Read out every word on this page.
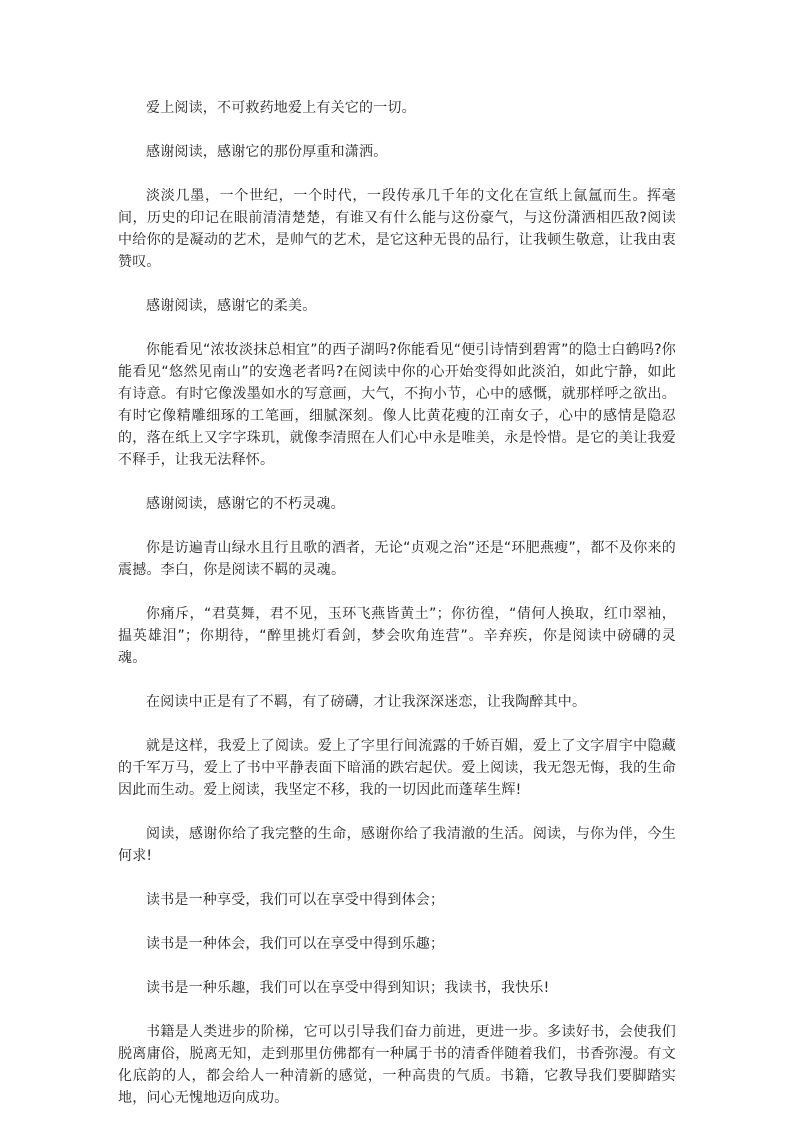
爱上阅读，不可救药地爱上有关它的一切。

感谢阅读，感谢它的那份厚重和潇洒。

淡淡几墨，一个世纪，一个时代，一段传承几千年的文化在宣纸上氤氲而生。挥毫间，历史的印记在眼前清清楚楚，有谁又有什么能与这份豪气，与这份潇洒相匹敌?阅读中给你的是凝动的艺术，是帅气的艺术，是它这种无畏的品行，让我顿生敬意，让我由衷赞叹。

感谢阅读，感谢它的柔美。

你能看见“浓妆淡抹总相宜”的西子湖吗?你能看见“便引诗情到碧霄”的隐士白鹤吗?你能看见“悠然见南山”的安逸老者吗?在阅读中你的心开始变得如此淡泊，如此宁静，如此有诗意。有时它像泼墨如水的写意画，大气，不拘小节，心中的感慨，就那样呼之欲出。有时它像精雕细琢的工笔画，细腻深刻。像人比黄花瘦的江南女子，心中的感情是隐忍的，落在纸上又字字珠玑，就像李清照在人们心中永是唯美，永是怜惜。是它的美让我爱不释手，让我无法释怀。

感谢阅读，感谢它的不朽灵魂。

你是访遍青山绿水且行且歌的酒者，无论“贞观之治”还是“环肥燕瘦”，都不及你来的震撼。李白，你是阅读不羁的灵魂。

你痛斥，“君莫舞，君不见，玉环飞燕皆黄土”；你彷徨，“倩何人换取，红巾翠袖，揾英雄泪”；你期待，“醉里挑灯看剑，梦会吹角连营”。辛弃疾，你是阅读中磅礴的灵魂。

在阅读中正是有了不羁，有了磅礴，才让我深深迷恋，让我陶醉其中。

就是这样，我爱上了阅读。爱上了字里行间流露的千娇百媚，爱上了文字眉宇中隐藏的千军万马，爱上了书中平静表面下暗涌的跌宕起伏。爱上阅读，我无怨无悔，我的生命因此而生动。爱上阅读，我坚定不移，我的一切因此而蓬荜生辉!

阅读，感谢你给了我完整的生命，感谢你给了我清澈的生活。阅读，与你为伴，今生何求!

读书是一种享受，我们可以在享受中得到体会；

读书是一种体会，我们可以在享受中得到乐趣；

读书是一种乐趣，我们可以在享受中得到知识；我读书，我快乐!

书籍是人类进步的阶梯，它可以引导我们奋力前进，更进一步。多读好书，会使我们脱离庸俗，脱离无知，走到那里仿佛都有一种属于书的清香伴随着我们，书香弥漫。有文化底韵的人，都会给人一种清新的感觉，一种高贵的气质。书籍，它教导我们要脚踏实地，问心无愧地迈向成功。
